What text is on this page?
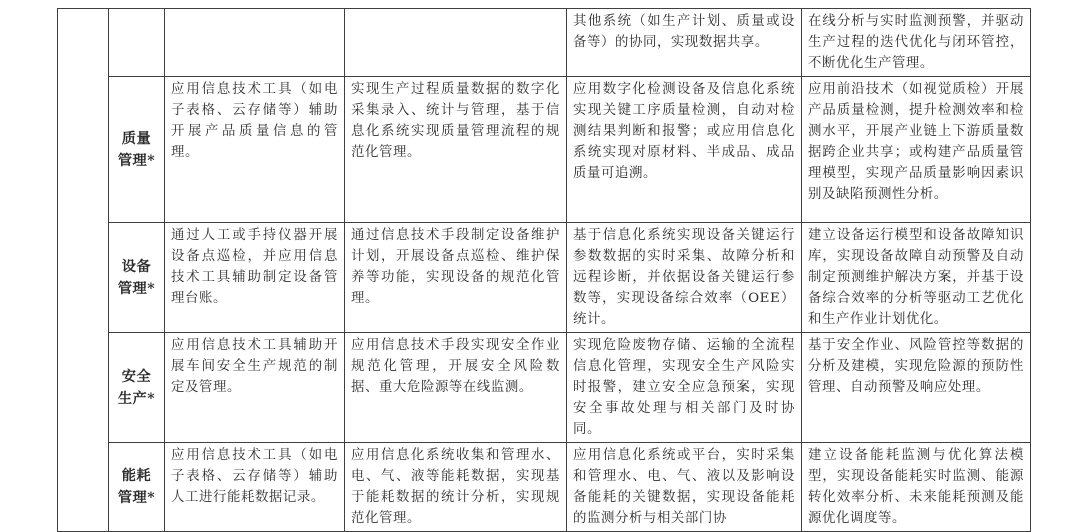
				其他系统（如生产计划、质量或设备等）的协同，实现数据共享。	在线分析与实时监测预警，并驱动生产过程的迭代优化与闭环管控，不断优化生产管理。
	质量管理*	应用信息技术工具（如电子表格、云存储等）辅助开展产品质量信息的管理。	实现生产过程质量数据的数字化采集录入、统计与管理，基于信息化系统实现质量管理流程的规范化管理。	应用数字化检测设备及信息化系统实现关键工序质量检测，自动对检测结果判断和报警；或应用信息化系统实现对原材料、半成品、成品质量可追溯。	应用前沿技术（如视觉质检）开展产品质量检测，提升检测效率和检测水平，开展产业链上下游质量数据跨企业共享；或构建产品质量管理模型，实现产品质量影响因素识别及缺陷预测性分析。
	设备管理*	通过人工或手持仪器开展设备点巡检，并应用信息技术工具辅助制定设备管理台账。	通过信息技术手段制定设备维护计划，开展设备点巡检、维护保养等功能，实现设备的规范化管理。	基于信息化系统实现设备关键运行参数数据的实时采集、故障分析和远程诊断，并依据设备关键运行参数等，实现设备综合效率（OEE）统计。	建立设备运行模型和设备故障知识库，实现设备故障自动预警及自动制定预测维护解决方案，并基于设备综合效率的分析等驱动工艺优化和生产作业计划优化。
	安全生产*	应用信息技术工具辅助开展车间安全生产规范的制定及管理。	应用信息技术手段实现安全作业规范化管理，开展安全风险数据、重大危险源等在线监测。	实现危险废物存储、运输的全流程信息化管理，实现安全生产风险实时报警，建立安全应急预案，实现安全事故处理与相关部门及时协同。	基于安全作业、风险管控等数据的分析及建模，实现危险源的预防性管理、自动预警及响应处理。
	能耗管理*	应用信息技术工具（如电子表格、云存储等）辅助人工进行能耗数据记录。	应用信息化系统收集和管理水、电、气、液等能耗数据，实现基于能耗数据的统计分析，实现规范化管理。	应用信息化系统或平台，实时采集和管理水、电、气、液以及影响设备能耗的关键数据，实现设备能耗的监测分析与相关部门协	建立设备能耗监测与优化算法模型，实现设备能耗实时监测、能源转化效率分析、未来能耗预测及能源优化调度等。
